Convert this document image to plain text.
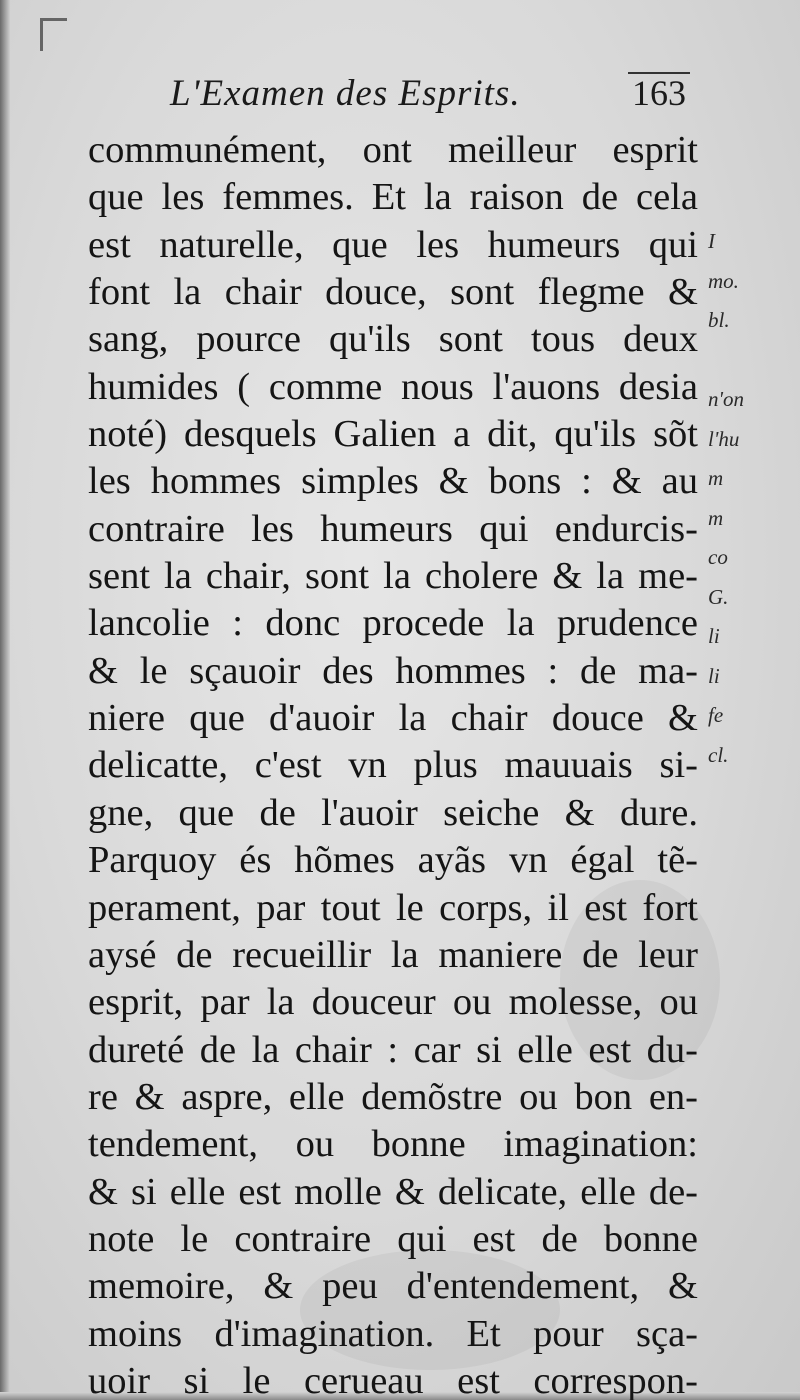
L'Examen des Esprits.	163
communément, ont meilleur esprit
que les femmes. Et la raison de cela
est naturelle, que les humeurs qui
font la chair douce, sont flegme &
sang, pource qu'ils sont tous deux
humides ( comme nous l'auons desia
noté) desquels Galien a dit, qu'ils sõt
les hommes simples & bons : & au
contraire les humeurs qui endurcis-
sent la chair, sont la cholere & la me-
lancolie : donc procede la prudence
& le sçauoir des hommes : de ma-
niere que d'auoir la chair douce &
delicatte, c'est vn plus mauuais si-
gne, que de l'auoir seiche & dure.
Parquoy és hõmes ayãs vn égal tẽ-
perament, par tout le corps, il est fort
aysé de recueillir la maniere de leur
esprit, par la douceur ou molesse, ou
dureté de la chair : car si elle est du-
re & aspre, elle demõstre ou bon en-
tendement, ou bonne imagination:
& si elle est molle & delicate, elle de-
note le contraire qui est de bonne
memoire, & peu d'entendement, &
moins d'imagination. Et pour sça-
uoir si le cerueau est correspon-
I
mo.
bl.
n'on
l'hu
m
m
co
G.
li
li
fe
cl.
